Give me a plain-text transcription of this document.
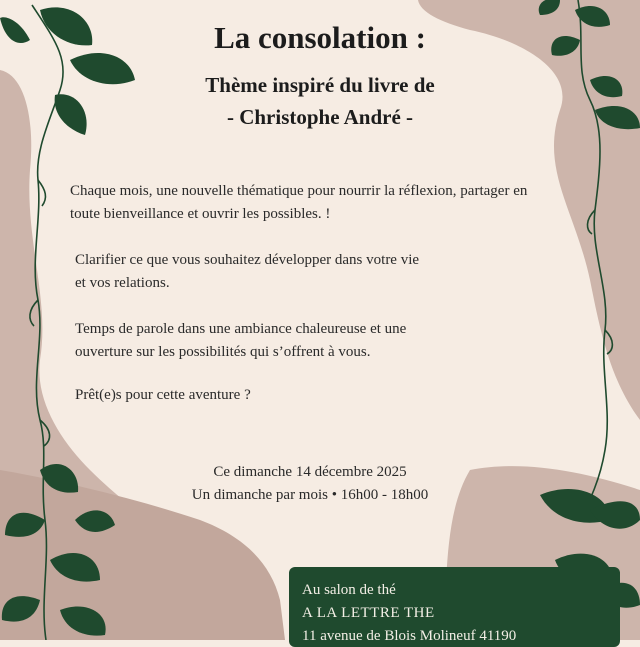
La consolation :
Thème inspiré du livre de
- Christophe André -
Chaque mois, une nouvelle thématique pour nourrir la réflexion, partager en
toute bienveillance et ouvrir les possibles. !
Clarifier ce que vous souhaitez développer dans votre vie
et vos relations.
Temps de parole dans une ambiance chaleureuse et une
ouverture sur les possibilités qui s’offrent à vous.
Prêt(e)s pour cette aventure ?
Ce dimanche 14 décembre 2025
Un dimanche par mois • 16h00 - 18h00
Au salon de thé
A LA LETTRE THE
11 avenue de Blois Molineuf 41190
